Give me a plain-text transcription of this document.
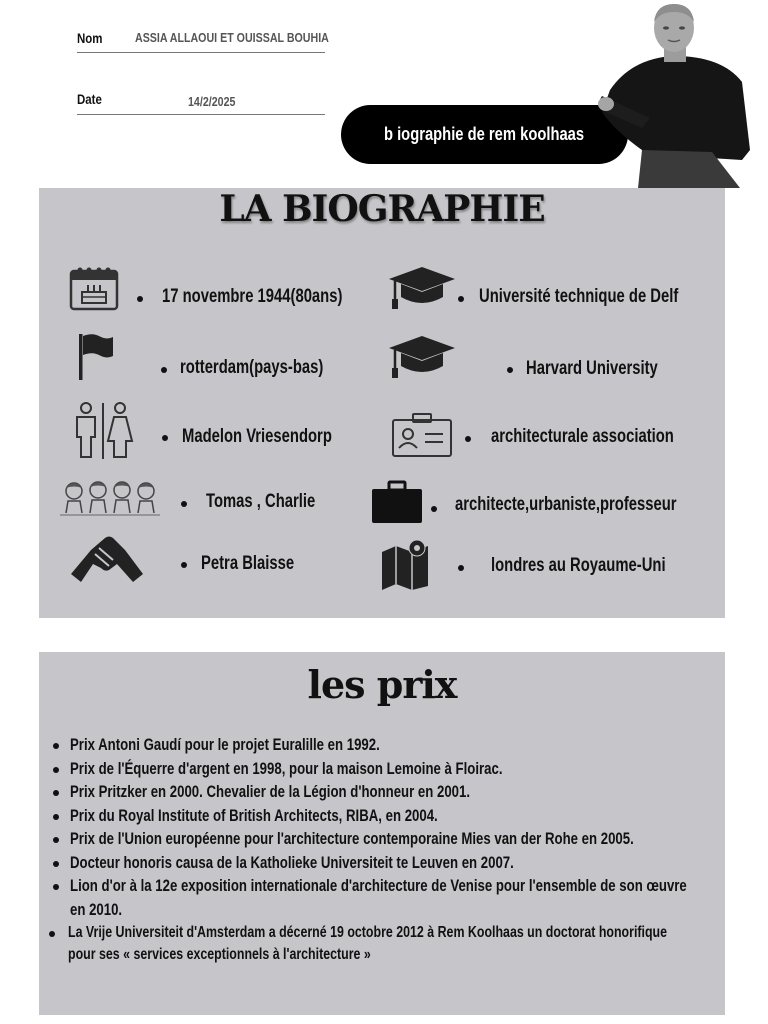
Nom ASSIA ALLAOUI ET OUISSAL BOUHIA
Date	14/2/2025
b iographie de rem koolhaas
LA BIOGRAPHIE
17 novembre 1944(80ans)	Université technique de Delf
rotterdam(pays-bas)	Harvard University
Madelon Vriesendorp	architecturale association
Tomas , Charlie	architecte,urbaniste,professeur
Petra Blaisse	londres au Royaume-Uni
les prix
Prix Antoni Gaudí pour le projet Euralille en 1992.
Prix de l'Équerre d'argent en 1998, pour la maison Lemoine à Floirac.
Prix Pritzker en 2000. Chevalier de la Légion d'honneur en 2001.
Prix du Royal Institute of British Architects, RIBA, en 2004.
Prix de l'Union européenne pour l'architecture contemporaine Mies van der Rohe en 2005.
Docteur honoris causa de la Katholieke Universiteit te Leuven en 2007.
Lion d'or à la 12e exposition internationale d'architecture de Venise pour l'ensemble de son œuvre en 2010.
La Vrije Universiteit d'Amsterdam a décerné 19 octobre 2012 à Rem Koolhaas un doctorat honorifique pour ses « services exceptionnels à l'architecture »
